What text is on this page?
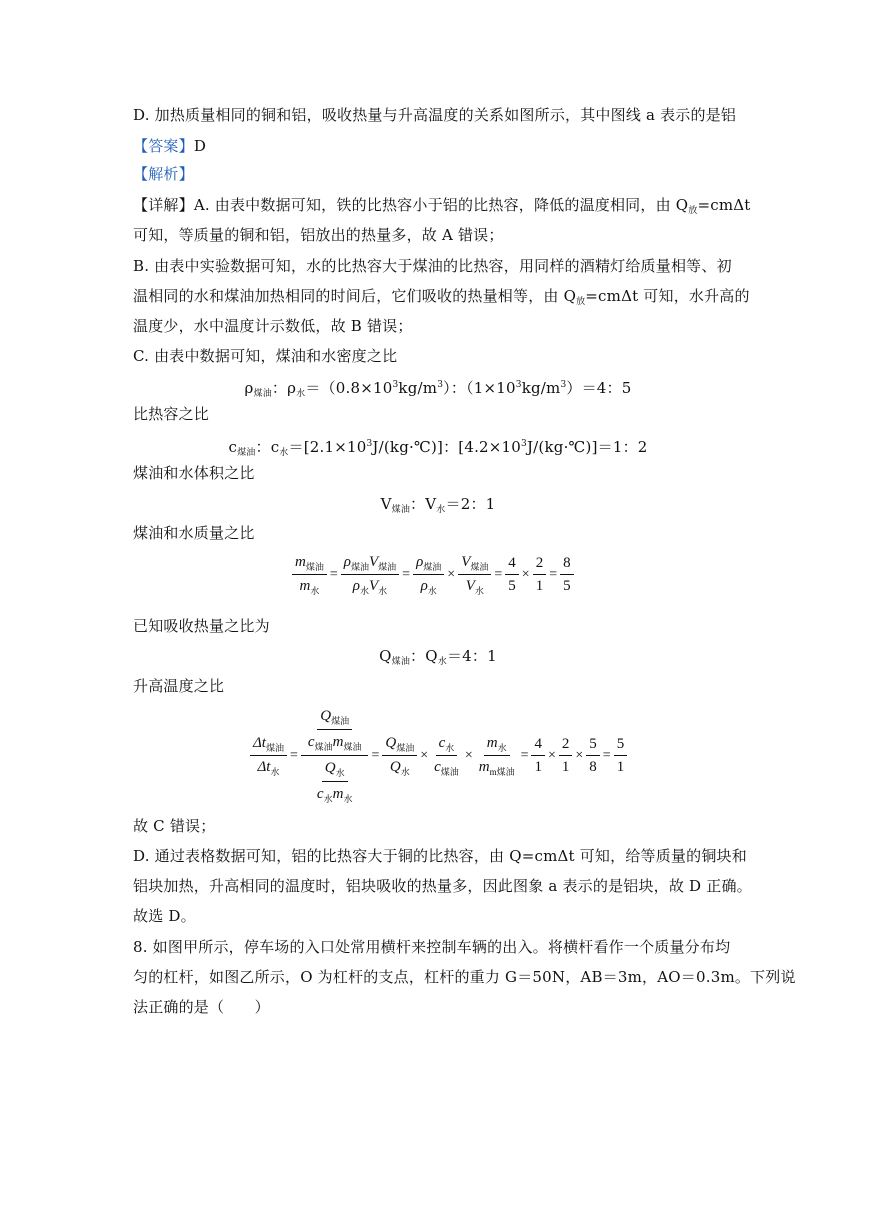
D. 加热质量相同的铜和铝，吸收热量与升高温度的关系如图所示，其中图线 a 表示的是铝
【答案】D
【解析】
【详解】A. 由表中数据可知，铁的比热容小于铝的比热容，降低的温度相同，由 $Q_放=cm\Delta t$
可知，等质量的铜和铝，铝放出的热量多，故 A 错误；
B. 由表中实验数据可知，水的比热容大于煤油的比热容，用同样的酒精灯给质量相等、初
温相同的水和煤油加热相同的时间后，它们吸收的热量相等，由 $Q_放=cm\Delta t$ 可知，水升高的
温度少，水中温度计示数低，故 B 错误；
C. 由表中数据可知，煤油和水密度之比
$\rho_{煤油}$：$\rho_水=(0.8\times 10^3kg/m^3)$：$(1\times 10^3kg/m^3)=4$：5
比热容之比
$c_{煤油}$：$c_水=[2.1\times 10^3J/(kg\cdot℃)]$：$[4.2\times 10^3J/(kg\cdot℃)]=1$：2
煤油和水体积之比
$V_{煤油}$：$V_水=2$：1
煤油和水质量之比
$\frac{m_{煤油}}{m_水} = \frac{\rho_{煤油}V_{煤油}}{\rho_水V_水} = \frac{\rho_{煤油}}{\rho_水} \times \frac{V_{煤油}}{V_水} = \frac{4}{5} \times \frac{2}{1} = \frac{8}{5}$
已知吸收热量之比为
$Q_{煤油}$：$Q_水=4$：1
升高温度之比
$\frac{\Delta t_{煤油}}{\Delta t_水} = \frac{\frac{Q_{煤油}}{c_{煤油}m_{煤油}}}{\frac{Q_水}{c_水m_水}} = \frac{Q_{煤油}}{Q_水} \times \frac{c_水}{c_{煤油}} \times \frac{m_水}{m_{m煤油}} = \frac{4}{1} \times \frac{2}{1} \times \frac{5}{8} = \frac{5}{1}$
故 C 错误；
D. 通过表格数据可知，铝的比热容大于铜的比热容，由 Q=cmΔt 可知，给等质量的铜块和
铝块加热，升高相同的温度时，铝块吸收的热量多，因此图象 a 表示的是铝块，故 D 正确。
故选 D。
8. 如图甲所示，停车场的入口处常用横杆来控制车辆的出入。将横杆看作一个质量分布均
匀的杠杆，如图乙所示，O 为杠杆的支点，杠杆的重力 G＝50N，AB＝3m，AO＝0.3m。下列说
法正确的是（　　）
